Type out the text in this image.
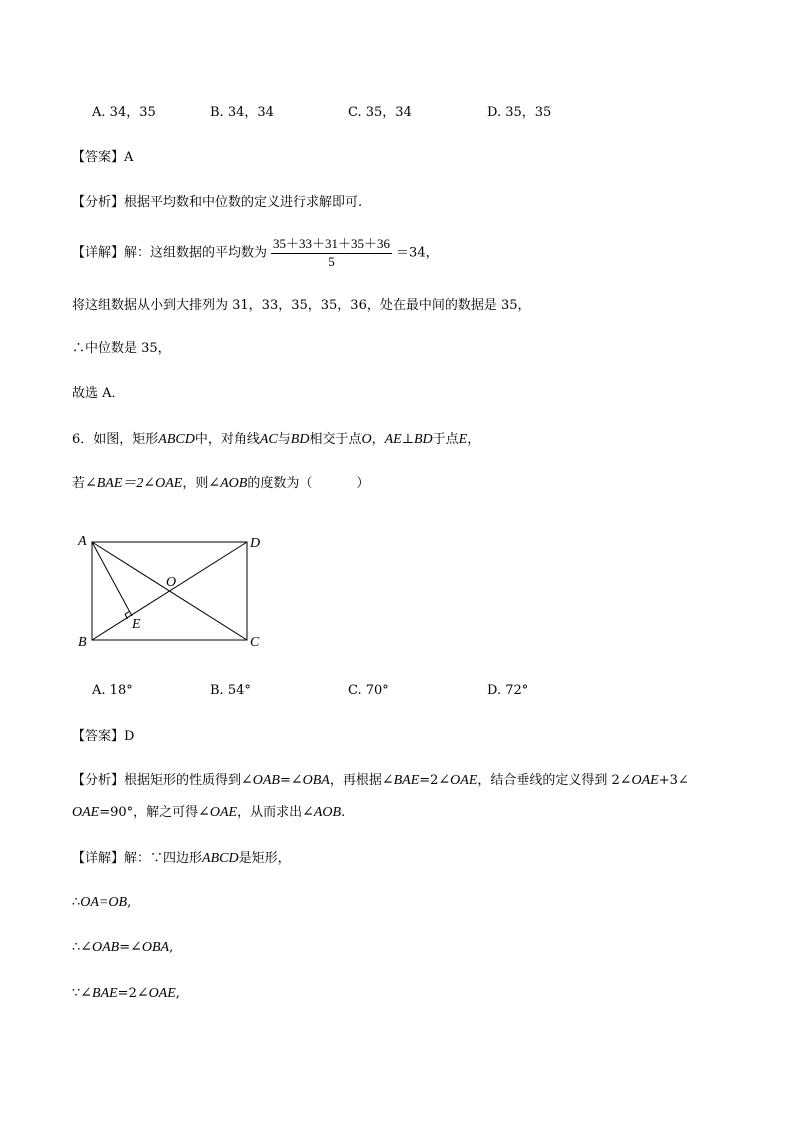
A. 34，35	B. 34，34	C. 35，34	D. 35，35
【答案】A
【分析】根据平均数和中位数的定义进行求解即可.
【详解】解：这组数据的平均数为 $\frac{35+33+31+35+36}{5} =34$，
将这组数据从小到大排列为 31，33，35，35，36，处在最中间的数据是 35，
∴中位数是 35，
故选 A．
6．如图，矩形ABCD中，对角线AC与BD相交于点O，AE⊥BD于点E，
若∠BAE＝2∠OAE，则∠AOB的度数为（	）
A	D
B	C
O
E
A. 18°	B. 54°	C. 70°	D. 72°
【答案】D
【分析】根据矩形的性质得到∠OAB=∠OBA，再根据∠BAE=2∠OAE，结合垂线的定义得到 2∠OAE+3∠
OAE=90°，解之可得∠OAE，从而求出∠AOB.
【详解】解：∵四边形ABCD是矩形，
∴OA=OB,
∴∠OAB=∠OBA,
∵∠BAE=2∠OAE,
